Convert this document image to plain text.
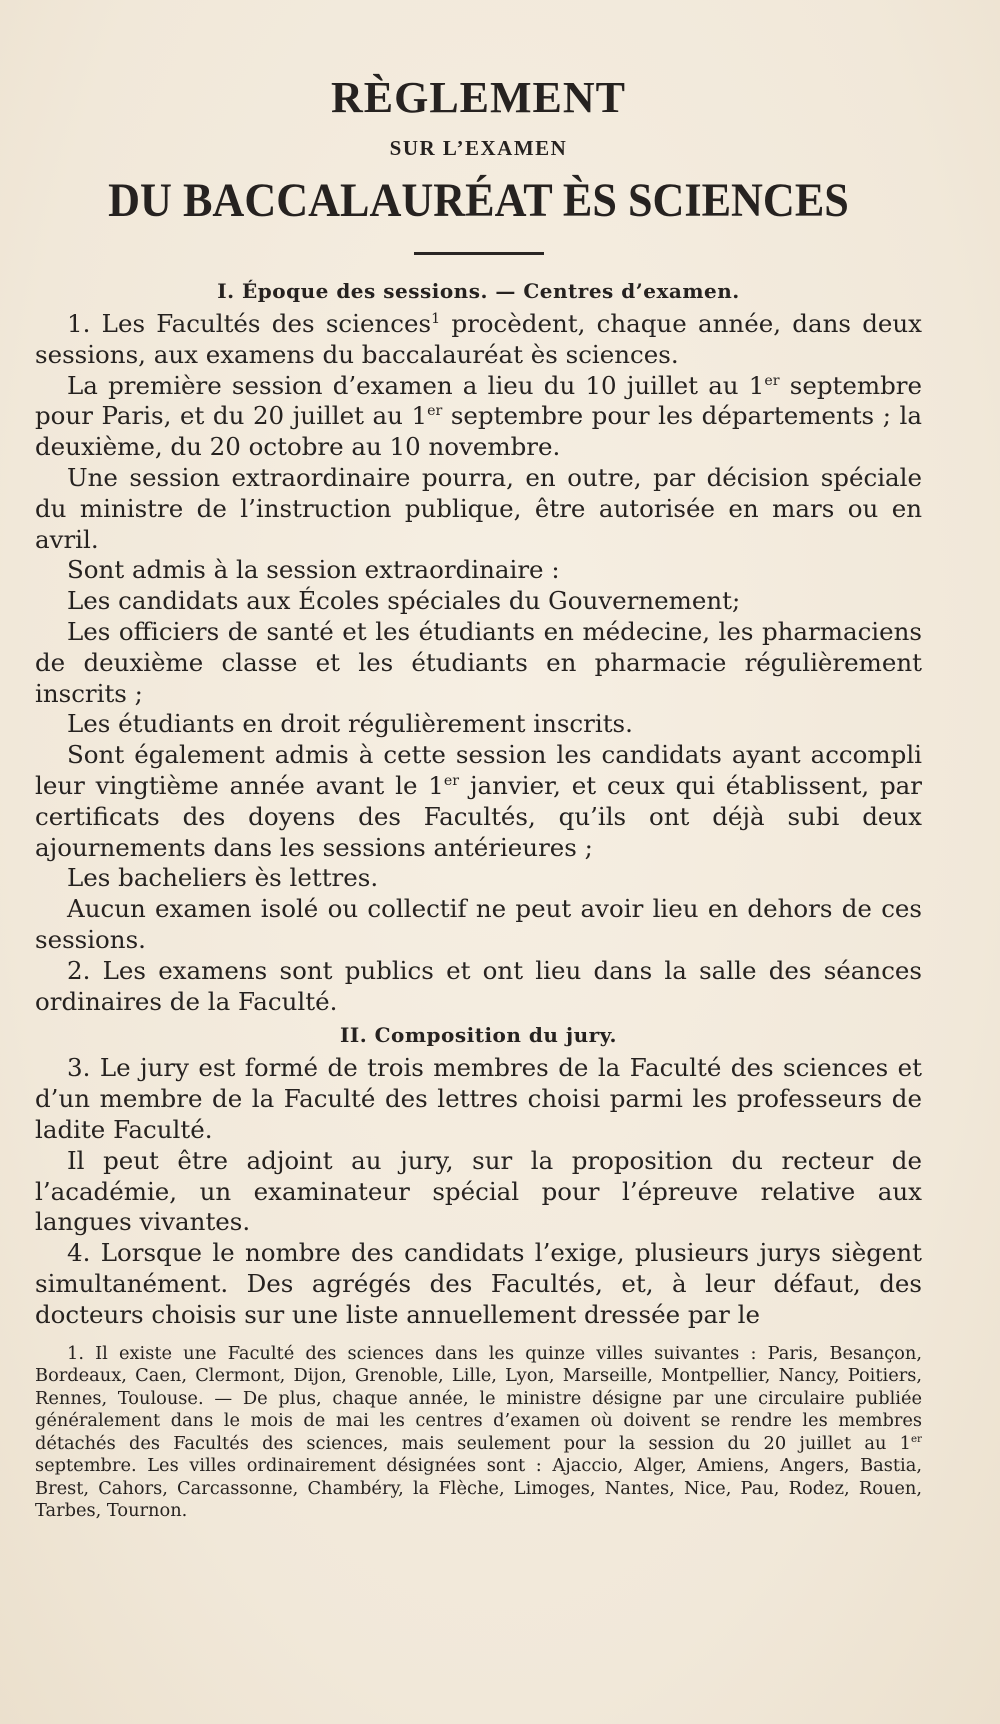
RÈGLEMENT
SUR L’EXAMEN
DU BACCALAURÉAT ÈS SCIENCES
I. Époque des sessions. — Centres d’examen.

1. Les Facultés des sciences$^1$ procèdent, chaque année, dans deux sessions, aux examens du baccalauréat ès sciences.

La première session d’examen a lieu du 10 juillet au 1er septembre pour Paris, et du 20 juillet au 1er septembre pour les départements ; la deuxième, du 20 octobre au 10 novembre.

Une session extraordinaire pourra, en outre, par décision spéciale du ministre de l’instruction publique, être autorisée en mars ou en avril.

Sont admis à la session extraordinaire :

Les candidats aux Écoles spéciales du Gouvernement;

Les officiers de santé et les étudiants en médecine, les pharmaciens de deuxième classe et les étudiants en pharmacie régulièrement inscrits ;

Les étudiants en droit régulièrement inscrits.

Sont également admis à cette session les candidats ayant accompli leur vingtième année avant le 1er janvier, et ceux qui établissent, par certificats des doyens des Facultés, qu’ils ont déjà subi deux ajournements dans les sessions antérieures ;

Les bacheliers ès lettres.

Aucun examen isolé ou collectif ne peut avoir lieu en dehors de ces sessions.

2. Les examens sont publics et ont lieu dans la salle des séances ordinaires de la Faculté.

II. Composition du jury.

3. Le jury est formé de trois membres de la Faculté des sciences et d’un membre de la Faculté des lettres choisi parmi les professeurs de ladite Faculté.

Il peut être adjoint au jury, sur la proposition du recteur de l’académie, un examinateur spécial pour l’épreuve relative aux langues vivantes.

4. Lorsque le nombre des candidats l’exige, plusieurs jurys siègent simultanément. Des agrégés des Facultés, et, à leur défaut, des docteurs choisis sur une liste annuellement dressée par le

1. Il existe une Faculté des sciences dans les quinze villes suivantes : Paris, Besançon, Bordeaux, Caen, Clermont, Dijon, Grenoble, Lille, Lyon, Marseille, Montpellier, Nancy, Poitiers, Rennes, Toulouse. — De plus, chaque année, le ministre désigne par une circulaire publiée généralement dans le mois de mai les centres d’examen où doivent se rendre les membres détachés des Facultés des sciences, mais seulement pour la session du 20 juillet au 1er septembre. Les villes ordinairement désignées sont : Ajaccio, Alger, Amiens, Angers, Bastia, Brest, Cahors, Carcassonne, Chambéry, la Flèche, Limoges, Nantes, Nice, Pau, Rodez, Rouen, Tarbes, Tournon.
